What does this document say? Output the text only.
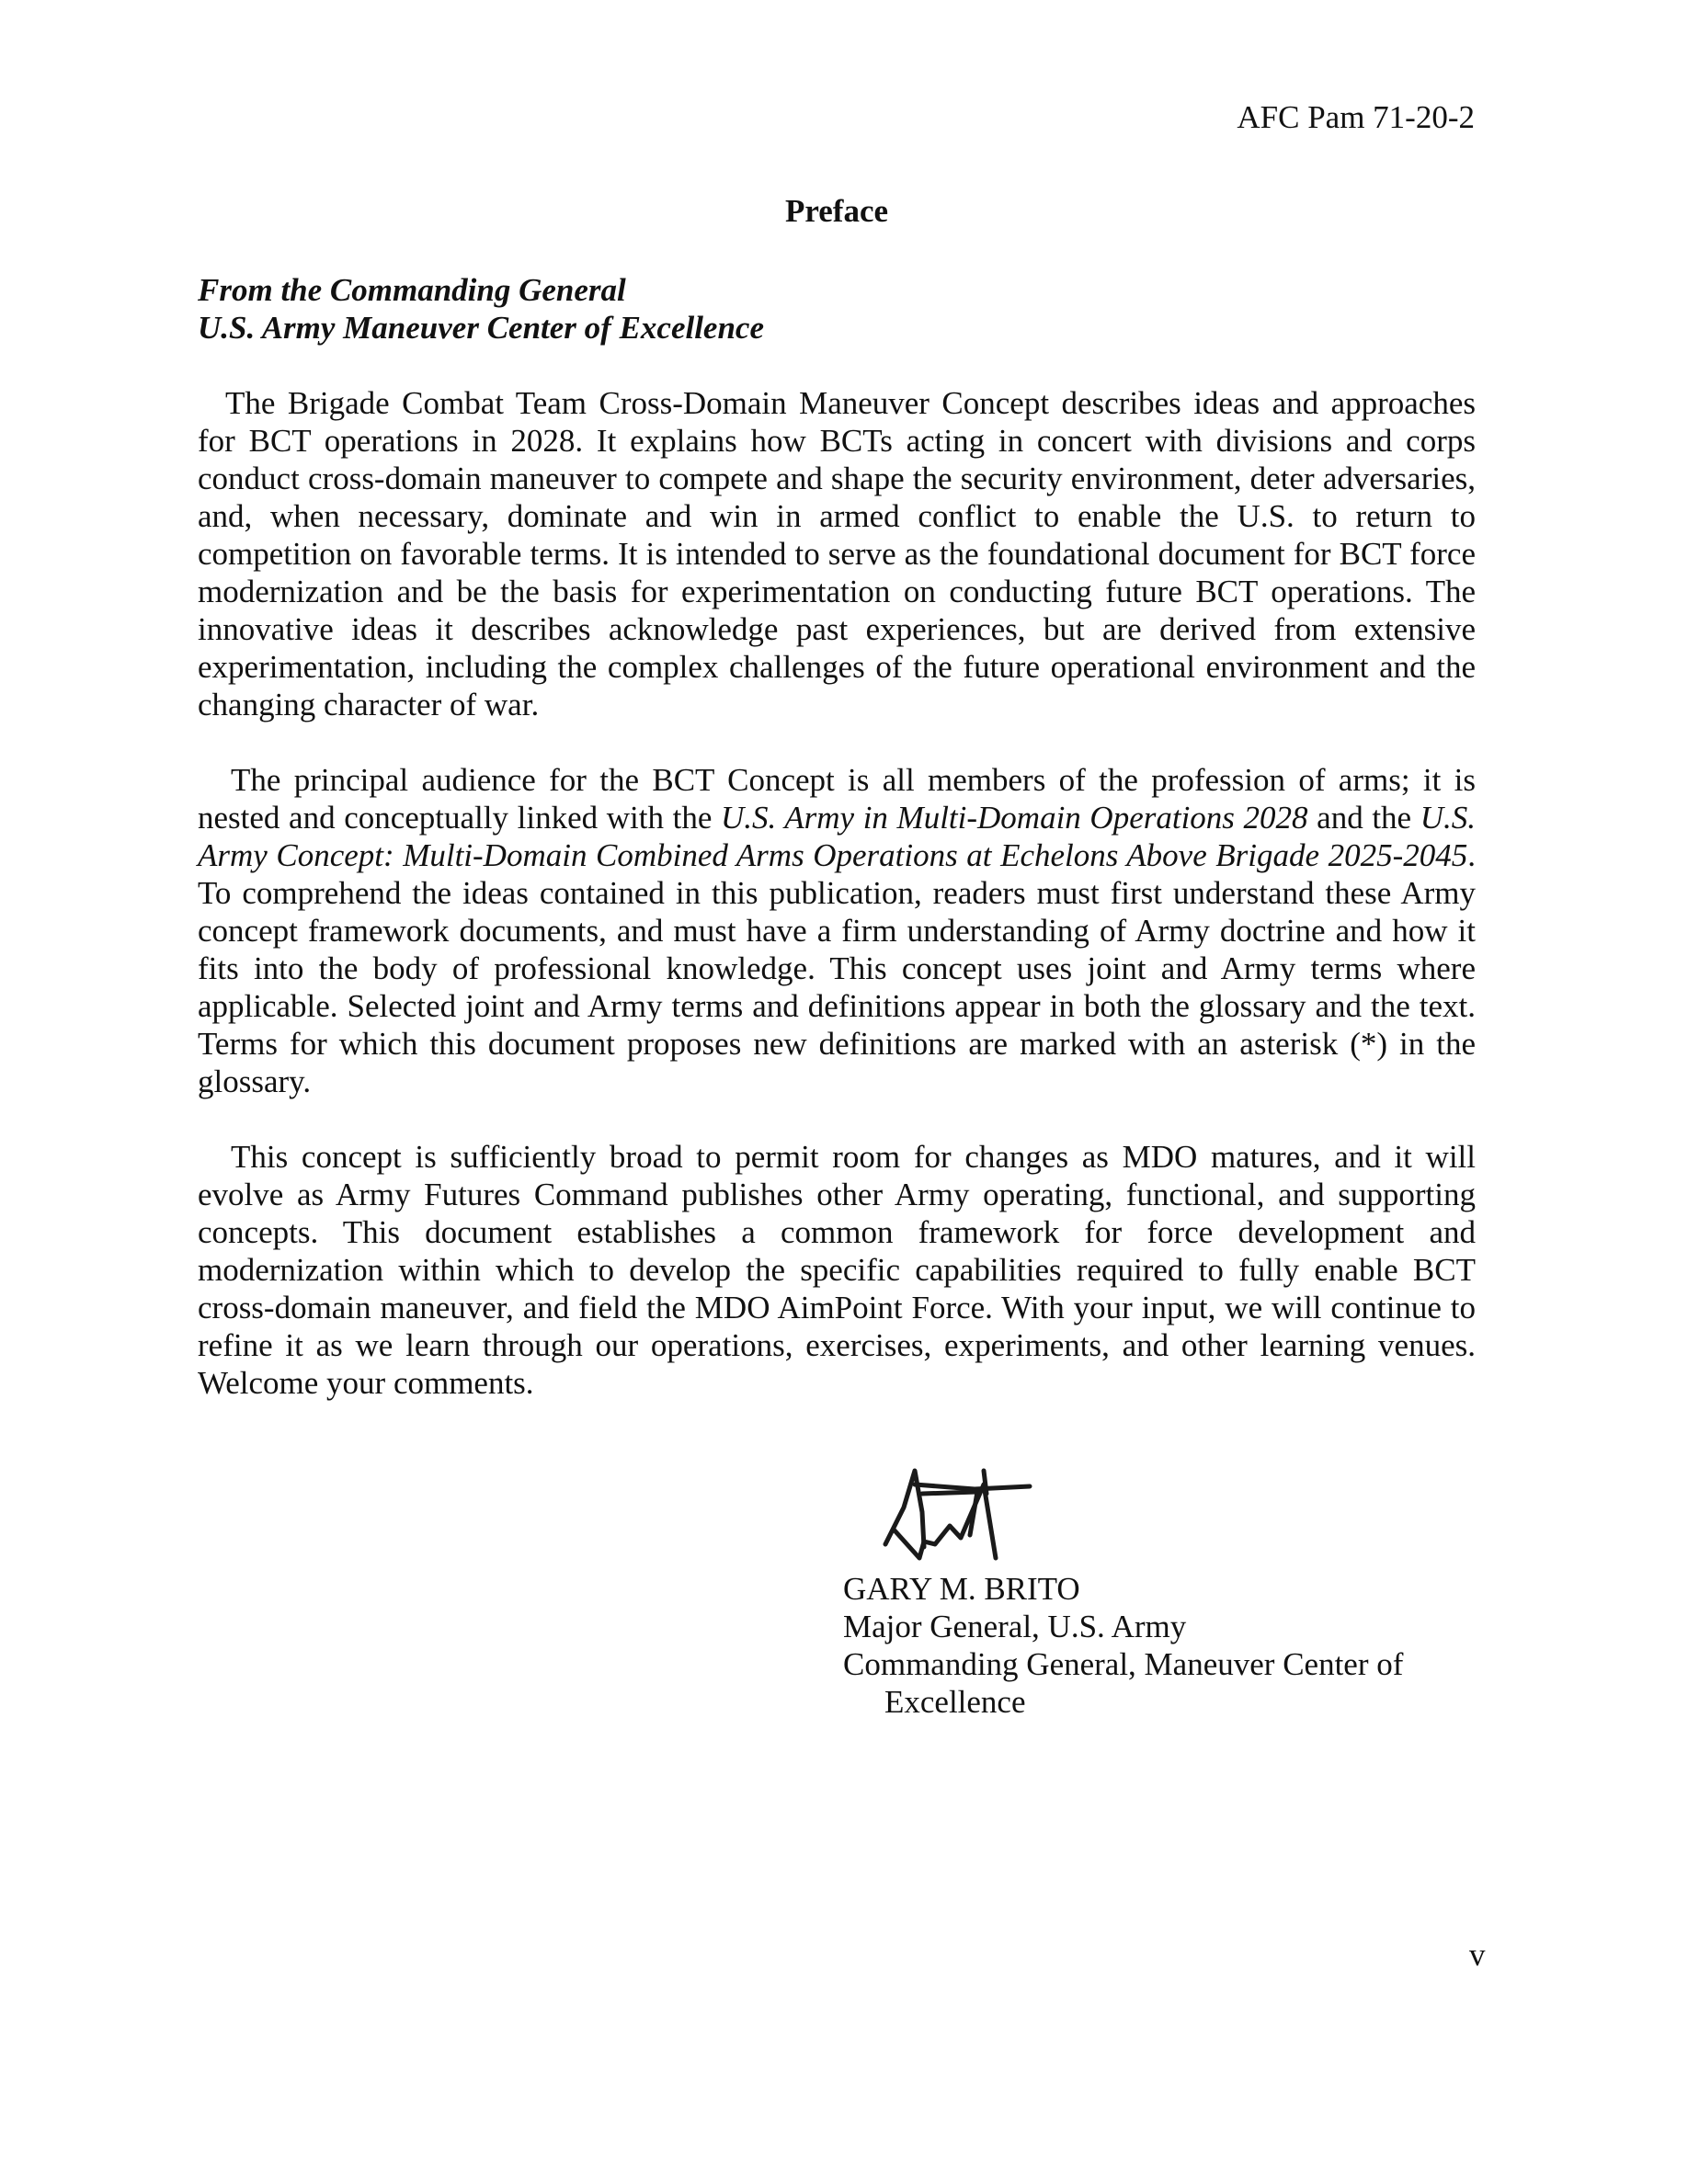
AFC Pam 71-20-2
Preface
From the Commanding General
U.S. Army Maneuver Center of Excellence

The Brigade Combat Team Cross-Domain Maneuver Concept describes ideas and approaches for BCT operations in 2028. It explains how BCTs acting in concert with divisions and corps conduct cross-domain maneuver to compete and shape the security environment, deter adversaries, and, when necessary, dominate and win in armed conflict to enable the U.S. to return to competition on favorable terms. It is intended to serve as the foundational document for BCT force modernization and be the basis for experimentation on conducting future BCT operations. The innovative ideas it describes acknowledge past experiences, but are derived from extensive experimentation, including the complex challenges of the future operational environment and the changing character of war.

The principal audience for the BCT Concept is all members of the profession of arms; it is nested and conceptually linked with the U.S. Army in Multi-Domain Operations 2028 and the U.S. Army Concept: Multi-Domain Combined Arms Operations at Echelons Above Brigade 2025-2045. To comprehend the ideas contained in this publication, readers must first understand these Army concept framework documents, and must have a firm understanding of Army doctrine and how it fits into the body of professional knowledge. This concept uses joint and Army terms where applicable. Selected joint and Army terms and definitions appear in both the glossary and the text. Terms for which this document proposes new definitions are marked with an asterisk (*) in the glossary.

This concept is sufficiently broad to permit room for changes as MDO matures, and it will evolve as Army Futures Command publishes other Army operating, functional, and supporting concepts. This document establishes a common framework for force development and modernization within which to develop the specific capabilities required to fully enable BCT cross-domain maneuver, and field the MDO AimPoint Force. With your input, we will continue to refine it as we learn through our operations, exercises, experiments, and other learning venues. Welcome your comments.

GARY M. BRITO
Major General, U.S. Army
Commanding General, Maneuver Center of
Excellence
v
